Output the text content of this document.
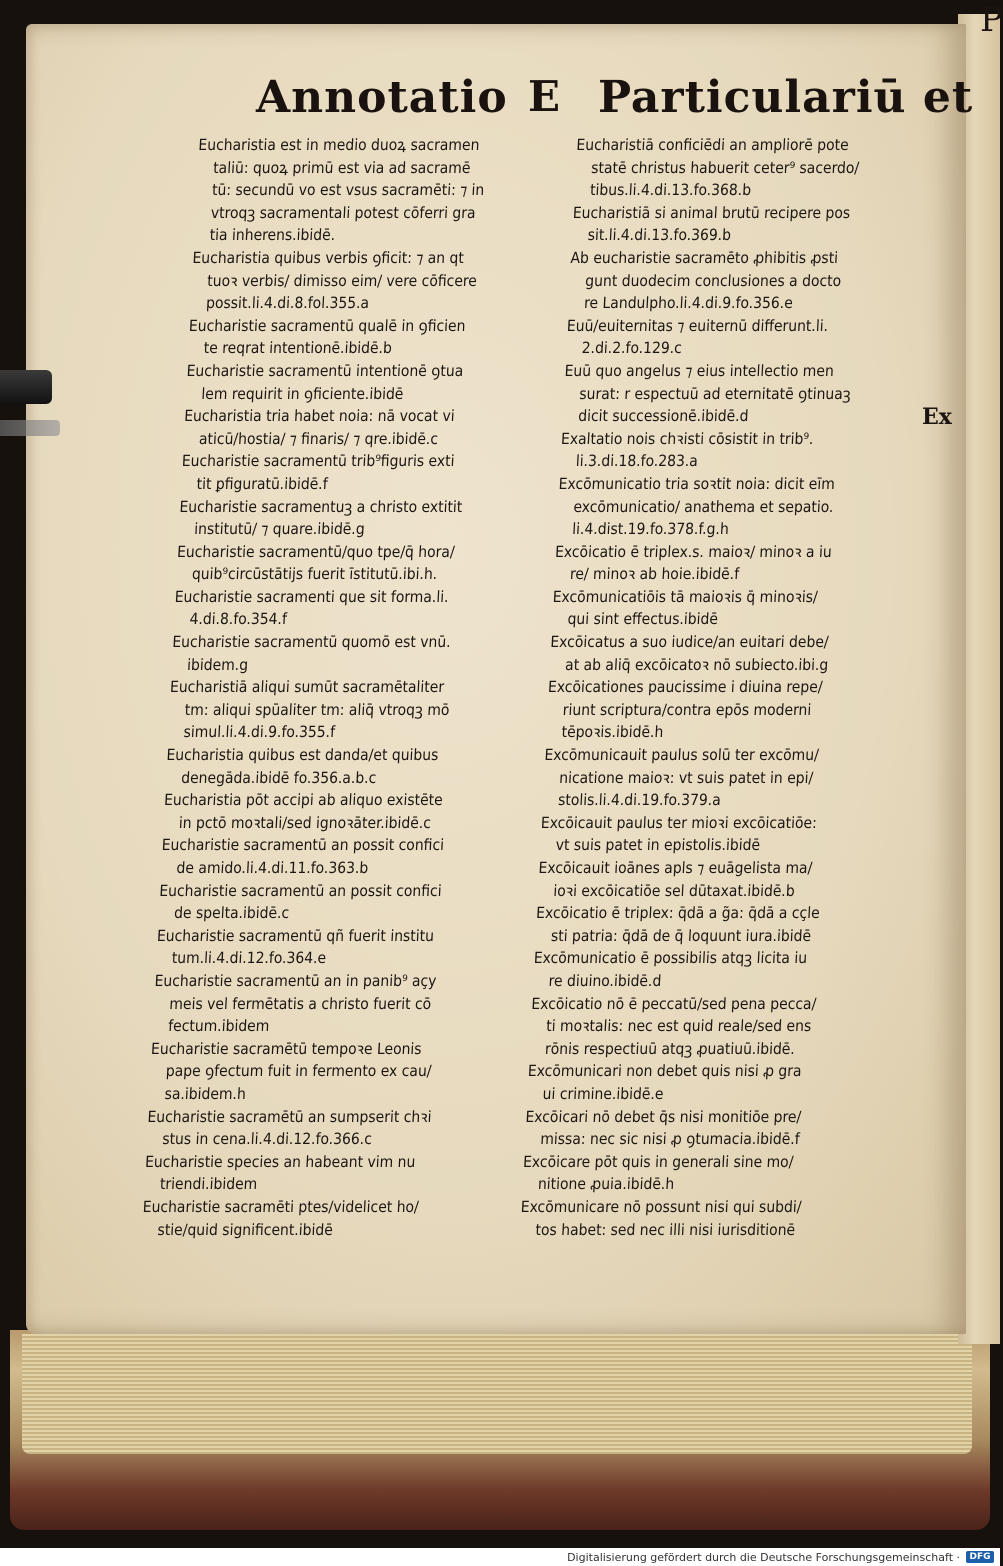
P
Annotatio E Particulariū et
Eucharistia est in medio duoꝝ sacramen
taliū: quoꝝ primū est via ad sacramē
tū: secundū vo est vsus sacramēti: ⁊ in
vtroqꝫ sacramentali potest cōferri gra
tia inherens.ibidē.
Eucharistia quibus verbis ꝯficit: ⁊ an qt
tuoꝛ verbis/ dimisso eim/ vere cōficere
possit.li.4.di.8.fol.355.a
Eucharistie sacramentū qualē in ꝯficien
te reqrat intentionē.ibidē.b
Eucharistie sacramentū intentionē ꝯtua
lem requirit in ꝯficiente.ibidē
Eucharistia tria habet noia: nā vocat vi
aticū/hostia/ ⁊ finaris/ ⁊ qre.ibidē.c
Eucharistie sacramentū trib⁹figuris exti
tit ꝑfiguratū.ibidē.f
Eucharistie sacramentuꝫ a christo extitit
institutū/ ⁊ quare.ibidē.g
Eucharistie sacramentū/quo tpe/q̄ hora/
quib⁹circūstātijs fuerit īstitutū.ibi.h.
Eucharistie sacramenti que sit forma.li.
4.di.8.fo.354.f
Eucharistie sacramentū quomō est vnū.
ibidem.g
Eucharistiā aliqui sumūt sacramētaliter
tm: aliqui spūaliter tm: aliq̄ vtroqꝫ mō
simul.li.4.di.9.fo.355.f
Eucharistia quibus est danda/et quibus
denegāda.ibidē fo.356.a.b.c
Eucharistia pōt accipi ab aliquo existēte
in pctō moꝛtali/sed ignoꝛāter.ibidē.c
Eucharistie sacramentū an possit confici
de amido.li.4.di.11.fo.363.b
Eucharistie sacramentū an possit confici
de spelta.ibidē.c
Eucharistie sacramentū qñ fuerit institu
tum.li.4.di.12.fo.364.e
Eucharistie sacramentū an in panib⁹ açy
meis vel fermētatis a christo fuerit cō
fectum.ibidem
Eucharistie sacramētū tempoꝛe Leonis
pape ꝯfectum fuit in fermento ex cau/
sa.ibidem.h
Eucharistie sacramētū an sumpserit chꝛi
stus in cena.li.4.di.12.fo.366.c
Eucharistie species an habeant vim nu
triendi.ibidem
Eucharistie sacramēti ptes/videlicet ho/
stie/quid significent.ibidē
Eucharistiā conficiēdi an ampliorē pote
statē christus habuerit ceter⁹ sacerdo/
tibus.li.4.di.13.fo.368.b
Eucharistiā si animal brutū recipere pos
sit.li.4.di.13.fo.369.b
Ab eucharistie sacramēto ꝓhibitis ꝓsti
gunt duodecim conclusiones a docto
re Landulpho.li.4.di.9.fo.356.e
Euū/euiternitas ⁊ euiternū differunt.li.
2.di.2.fo.129.c
Euū quo angelus ⁊ eius intellectio men
surat: r espectuū ad eternitatē ꝯtinuaꝫ
dicit successionē.ibidē.d
Exaltatio nois chꝛisti cōsistit in trib⁹.
li.3.di.18.fo.283.a
Excōmunicatio tria soꝛtit noia: dicit eīm
excōmunicatio/ anathema et sepatio.
li.4.dist.19.fo.378.f.g.h
Excōicatio ē triplex.s. maioꝛ/ minoꝛ a iu
re/ minoꝛ ab hoie.ibidē.f
Excōmunicatiōis tā maioꝛis q̄ minoꝛis/
qui sint effectus.ibidē
Excōicatus a suo iudice/an euitari debe/
at ab aliq̄ excōicatoꝛ nō subiecto.ibi.g
Excōicationes paucissime i diuina repe/
riunt scriptura/contra epōs moderni
tēpoꝛis.ibidē.h
Excōmunicauit paulus solū ter excōmu/
nicatione maioꝛ: vt suis patet in epi/
stolis.li.4.di.19.fo.379.a
Excōicauit paulus ter mioꝛi excōicatiōe:
vt suis patet in epistolis.ibidē
Excōicauit ioānes apls ⁊ euāgelista ma/
ioꝛi excōicatiōe sel dūtaxat.ibidē.b
Excōicatio ē triplex: q̄dā a g̃a: q̄dā a cçle
sti patria: q̄dā de q̄ loquunt iura.ibidē
Excōmunicatio ē possibilis atqꝫ licita iu
re diuino.ibidē.d
Excōicatio nō ē peccatū/sed pena pecca/
ti moꝛtalis: nec est quid reale/sed ens
rōnis respectiuū atqꝫ ꝓuatiuū.ibidē.
Excōmunicari non debet quis nisi ꝓ gra
ui crimine.ibidē.e
Excōicari nō debet q̄s nisi monitiōe pre/
missa: nec sic nisi ꝓ ꝯtumacia.ibidē.f
Excōicare pōt quis in generali sine mo/
nitione ꝓuia.ibidē.h
Excōmunicare nō possunt nisi qui subdi/
tos habet: sed nec illi nisi iurisditionē
Ex
Digitalisierung gefördert durch die Deutsche Forschungsgemeinschaft ·	DFG
